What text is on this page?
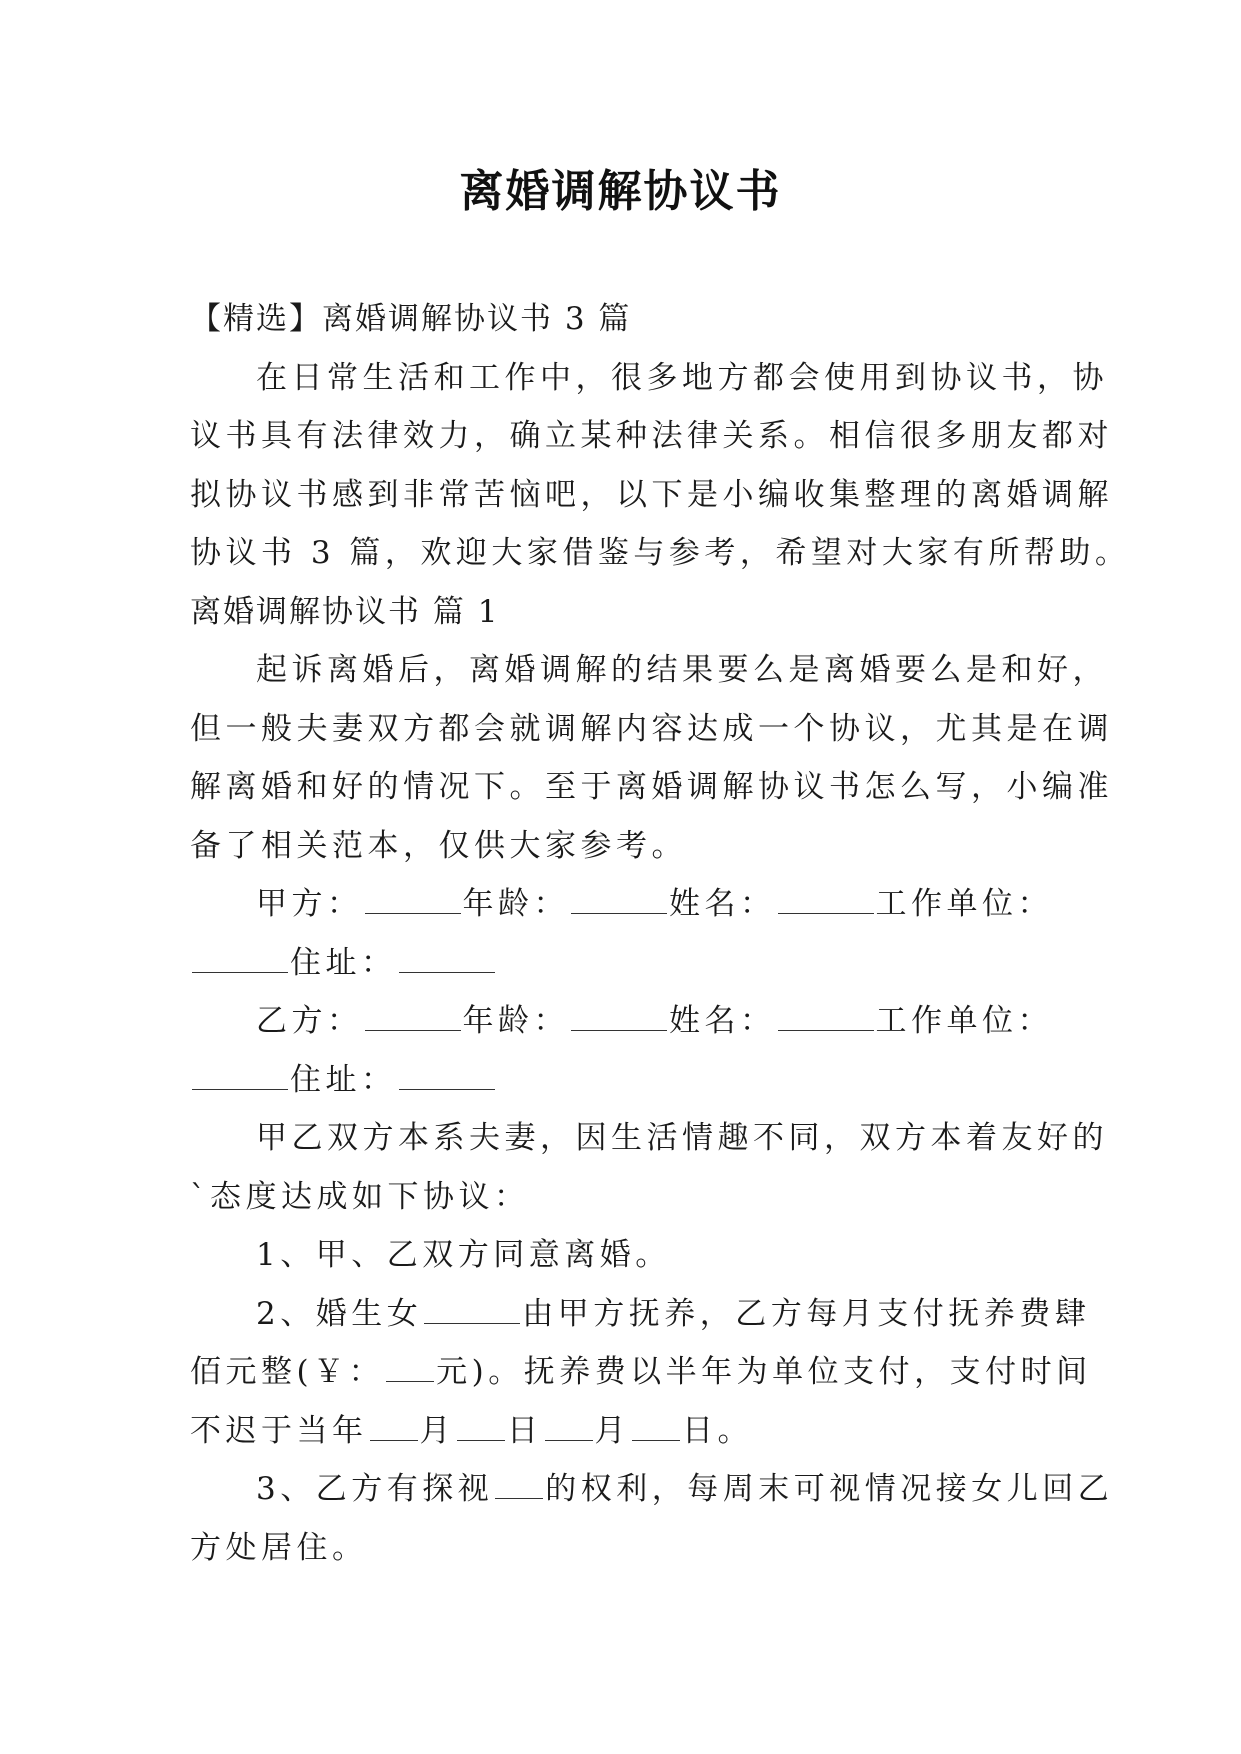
离婚调解协议书
【精选】离婚调解协议书 3 篇
在日常生活和工作中，很多地方都会使用到协议书，协
议书具有法律效力，确立某种法律关系。相信很多朋友都对
拟协议书感到非常苦恼吧，以下是小编收集整理的离婚调解
协议书 3 篇，欢迎大家借鉴与参考，希望对大家有所帮助。
离婚调解协议书 篇 1
起诉离婚后，离婚调解的结果要么是离婚要么是和好，
但一般夫妻双方都会就调解内容达成一个协议，尤其是在调
解离婚和好的情况下。至于离婚调解协议书怎么写，小编准
备了相关范本，仅供大家参考。
甲方：	年龄：	姓名：	工作单位：
住址：
乙方：	年龄：	姓名：	工作单位：
住址：
甲乙双方本系夫妻，因生活情趣不同，双方本着友好的
`态度达成如下协议：
1、甲、乙双方同意离婚。
2、婚生女	由甲方抚养，乙方每月支付抚养费肆
佰元整(￥： 元)。抚养费以半年为单位支付，支付时间
不迟于当年 月 日 月 日。
3、乙方有探视 的权利，每周末可视情况接女儿回乙
方处居住。
